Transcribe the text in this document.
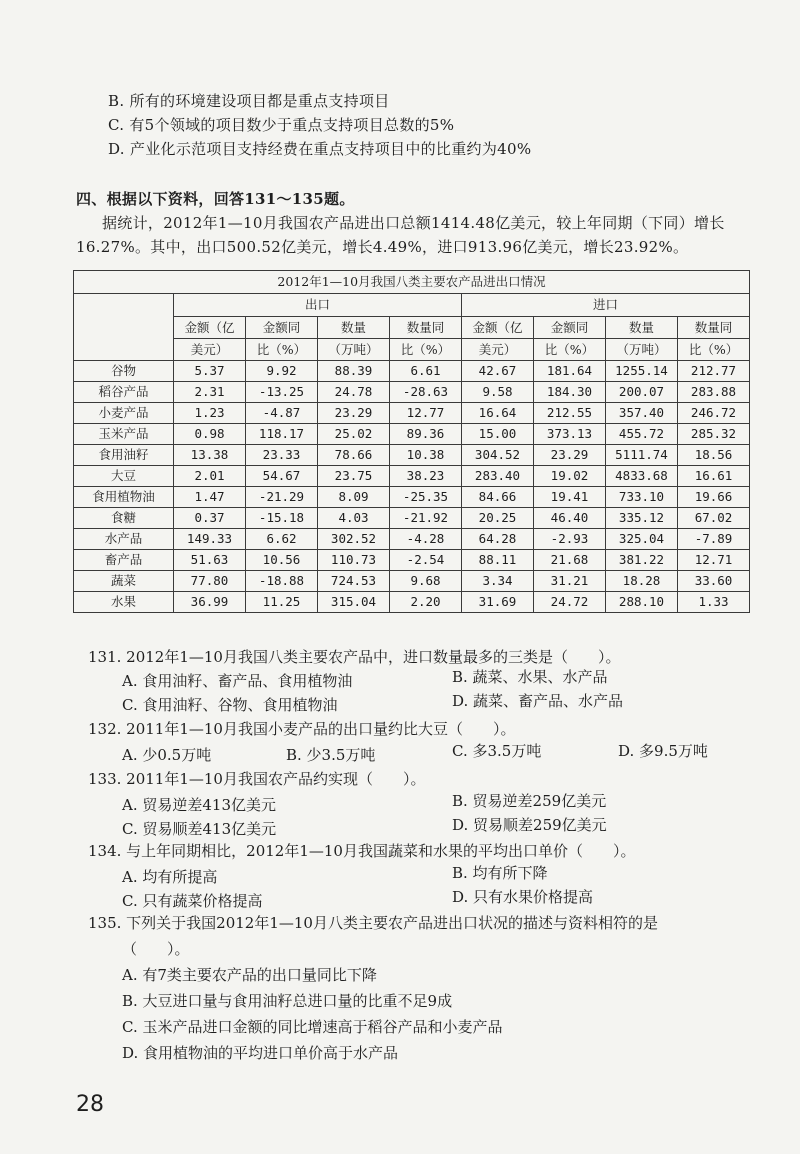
B. 所有的环境建设项目都是重点支持项目
C. 有5个领域的项目数少于重点支持项目总数的5%
D. 产业化示范项目支持经费在重点支持项目中的比重约为40%
四、根据以下资料，回答131～135题。
据统计，2012年1—10月我国农产品进出口总额1414.48亿美元，较上年同期（下同）增长
16.27%。其中，出口500.52亿美元，增长4.49%，进口913.96亿美元，增长23.92%。
2012年1—10月我国八类主要农产品进出口情况								
	出口				进口			
	金额（亿	金额同	数量	数量同	金额（亿	金额同	数量	数量同
	美元）	比（%）	（万吨）	比（%）	美元）	比（%）	（万吨）	比（%）
谷物	5.37	9.92	88.39	6.61	42.67	181.64	1255.14	212.77
稻谷产品	2.31	-13.25	24.78	-28.63	9.58	184.30	200.07	283.88
小麦产品	1.23	-4.87	23.29	12.77	16.64	212.55	357.40	246.72
玉米产品	0.98	118.17	25.02	89.36	15.00	373.13	455.72	285.32
食用油籽	13.38	23.33	78.66	10.38	304.52	23.29	5111.74	18.56
大豆	2.01	54.67	23.75	38.23	283.40	19.02	4833.68	16.61
食用植物油	1.47	-21.29	8.09	-25.35	84.66	19.41	733.10	19.66
食糖	0.37	-15.18	4.03	-21.92	20.25	46.40	335.12	67.02
水产品	149.33	6.62	302.52	-4.28	64.28	-2.93	325.04	-7.89
畜产品	51.63	10.56	110.73	-2.54	88.11	21.68	381.22	12.71
蔬菜	77.80	-18.88	724.53	9.68	3.34	31.21	18.28	33.60
水果	36.99	11.25	315.04	2.20	31.69	24.72	288.10	1.33
131. 2012年1—10月我国八类主要农产品中，进口数量最多的三类是（　　）。
A. 食用油籽、畜产品、食用植物油	B. 蔬菜、水果、水产品
C. 食用油籽、谷物、食用植物油	D. 蔬菜、畜产品、水产品
132. 2011年1—10月我国小麦产品的出口量约比大豆（　　）。
A. 少0.5万吨	B. 少3.5万吨	C. 多3.5万吨	D. 多9.5万吨
133. 2011年1—10月我国农产品约实现（　　）。
A. 贸易逆差413亿美元	B. 贸易逆差259亿美元
C. 贸易顺差413亿美元	D. 贸易顺差259亿美元
134. 与上年同期相比，2012年1—10月我国蔬菜和水果的平均出口单价（　　）。
A. 均有所提高	B. 均有所下降
C. 只有蔬菜价格提高	D. 只有水果价格提高
135. 下列关于我国2012年1—10月八类主要农产品进出口状况的描述与资料相符的是
（　　）。
A. 有7类主要农产品的出口量同比下降
B. 大豆进口量与食用油籽总进口量的比重不足9成
C. 玉米产品进口金额的同比增速高于稻谷产品和小麦产品
D. 食用植物油的平均进口单价高于水产品
28
